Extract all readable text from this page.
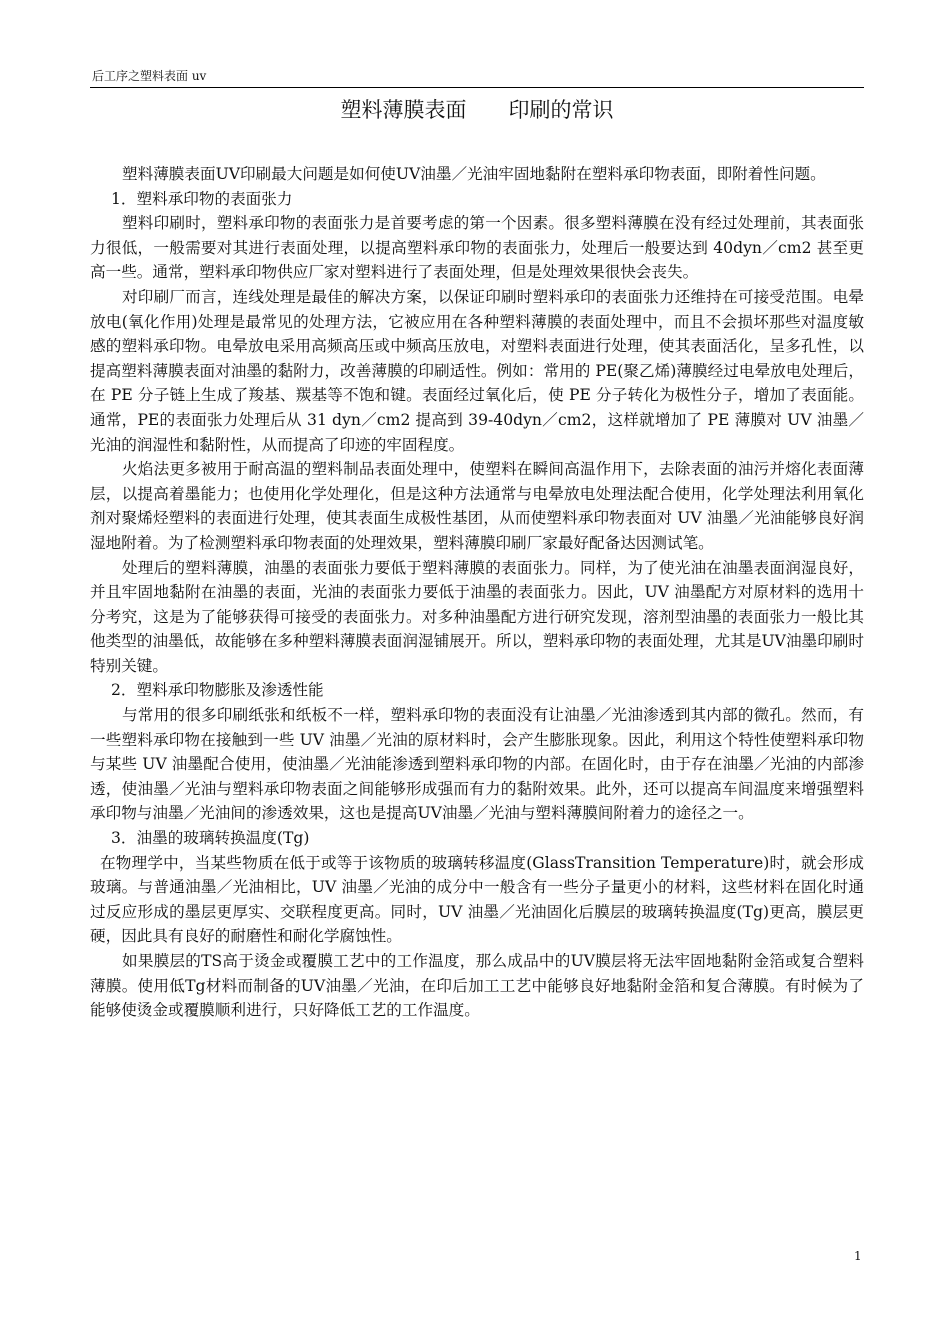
后工序之塑料表面 uv
塑料薄膜表面　　印刷的常识

塑料薄膜表面UV印刷最大问题是如何使UV油墨／光油牢固地黏附在塑料承印物表面，即附着性问题。

1．塑料承印物的表面张力

塑料印刷时，塑料承印物的表面张力是首要考虑的第一个因素。很多塑料薄膜在没有经过处理前，其表面张力很低，一般需要对其进行表面处理，以提高塑料承印物的表面张力，处理后一般要达到 40dyn／cm2 甚至更高一些。通常，塑料承印物供应厂家对塑料进行了表面处理，但是处理效果很快会丧失。

对印刷厂而言，连线处理是最佳的解决方案，以保证印刷时塑料承印的表面张力还维持在可接受范围。电晕放电(氧化作用)处理是最常见的处理方法，它被应用在各种塑料薄膜的表面处理中，而且不会损坏那些对温度敏感的塑料承印物。电晕放电采用高频高压或中频高压放电，对塑料表面进行处理，使其表面活化，呈多孔性，以提高塑料薄膜表面对油墨的黏附力，改善薄膜的印刷适性。例如：常用的 PE(聚乙烯)薄膜经过电晕放电处理后，在 PE 分子链上生成了羧基、羰基等不饱和键。表面经过氧化后，使 PE 分子转化为极性分子，增加了表面能。通常，PE的表面张力处理后从 31 dyn／cm2 提高到 39-40dyn／cm2，这样就增加了 PE 薄膜对 UV 油墨／光油的润湿性和黏附性，从而提高了印迹的牢固程度。

火焰法更多被用于耐高温的塑料制品表面处理中，使塑料在瞬间高温作用下，去除表面的油污并熔化表面薄层，以提高着墨能力；也使用化学处理化，但是这种方法通常与电晕放电处理法配合使用，化学处理法利用氧化剂对聚烯烃塑料的表面进行处理，使其表面生成极性基团，从而使塑料承印物表面对 UV 油墨／光油能够良好润湿地附着。为了检测塑料承印物表面的处理效果，塑料薄膜印刷厂家最好配备达因测试笔。

处理后的塑料薄膜，油墨的表面张力要低于塑料薄膜的表面张力。同样，为了使光油在油墨表面润湿良好，并且牢固地黏附在油墨的表面，光油的表面张力要低于油墨的表面张力。因此，UV 油墨配方对原材料的选用十分考究，这是为了能够获得可接受的表面张力。对多种油墨配方进行研究发现，溶剂型油墨的表面张力一般比其他类型的油墨低，故能够在多种塑料薄膜表面润湿铺展开。所以，塑料承印物的表面处理，尤其是UV油墨印刷时特别关键。

2．塑料承印物膨胀及渗透性能

与常用的很多印刷纸张和纸板不一样，塑料承印物的表面没有让油墨／光油渗透到其内部的微孔。然而，有一些塑料承印物在接触到一些 UV 油墨／光油的原材料时，会产生膨胀现象。因此，利用这个特性使塑料承印物与某些 UV 油墨配合使用，使油墨／光油能渗透到塑料承印物的内部。在固化时，由于存在油墨／光油的内部渗透，使油墨／光油与塑料承印物表面之间能够形成强而有力的黏附效果。此外，还可以提高车间温度来增强塑料承印物与油墨／光油间的渗透效果，这也是提高UV油墨／光油与塑料薄膜间附着力的途径之一。

3．油墨的玻璃转换温度(Tg)

在物理学中，当某些物质在低于或等于该物质的玻璃转移温度(GlassTransition Temperature)时，就会形成玻璃。与普通油墨／光油相比，UV 油墨／光油的成分中一般含有一些分子量更小的材料，这些材料在固化时通过反应形成的墨层更厚实、交联程度更高。同时，UV 油墨／光油固化后膜层的玻璃转换温度(Tg)更高，膜层更硬，因此具有良好的耐磨性和耐化学腐蚀性。

如果膜层的TS高于烫金或覆膜工艺中的工作温度，那么成品中的UV膜层将无法牢固地黏附金箔或复合塑料薄膜。使用低Tg材料而制备的UV油墨／光油，在印后加工工艺中能够良好地黏附金箔和复合薄膜。有时候为了能够使烫金或覆膜顺利进行，只好降低工艺的工作温度。

1
